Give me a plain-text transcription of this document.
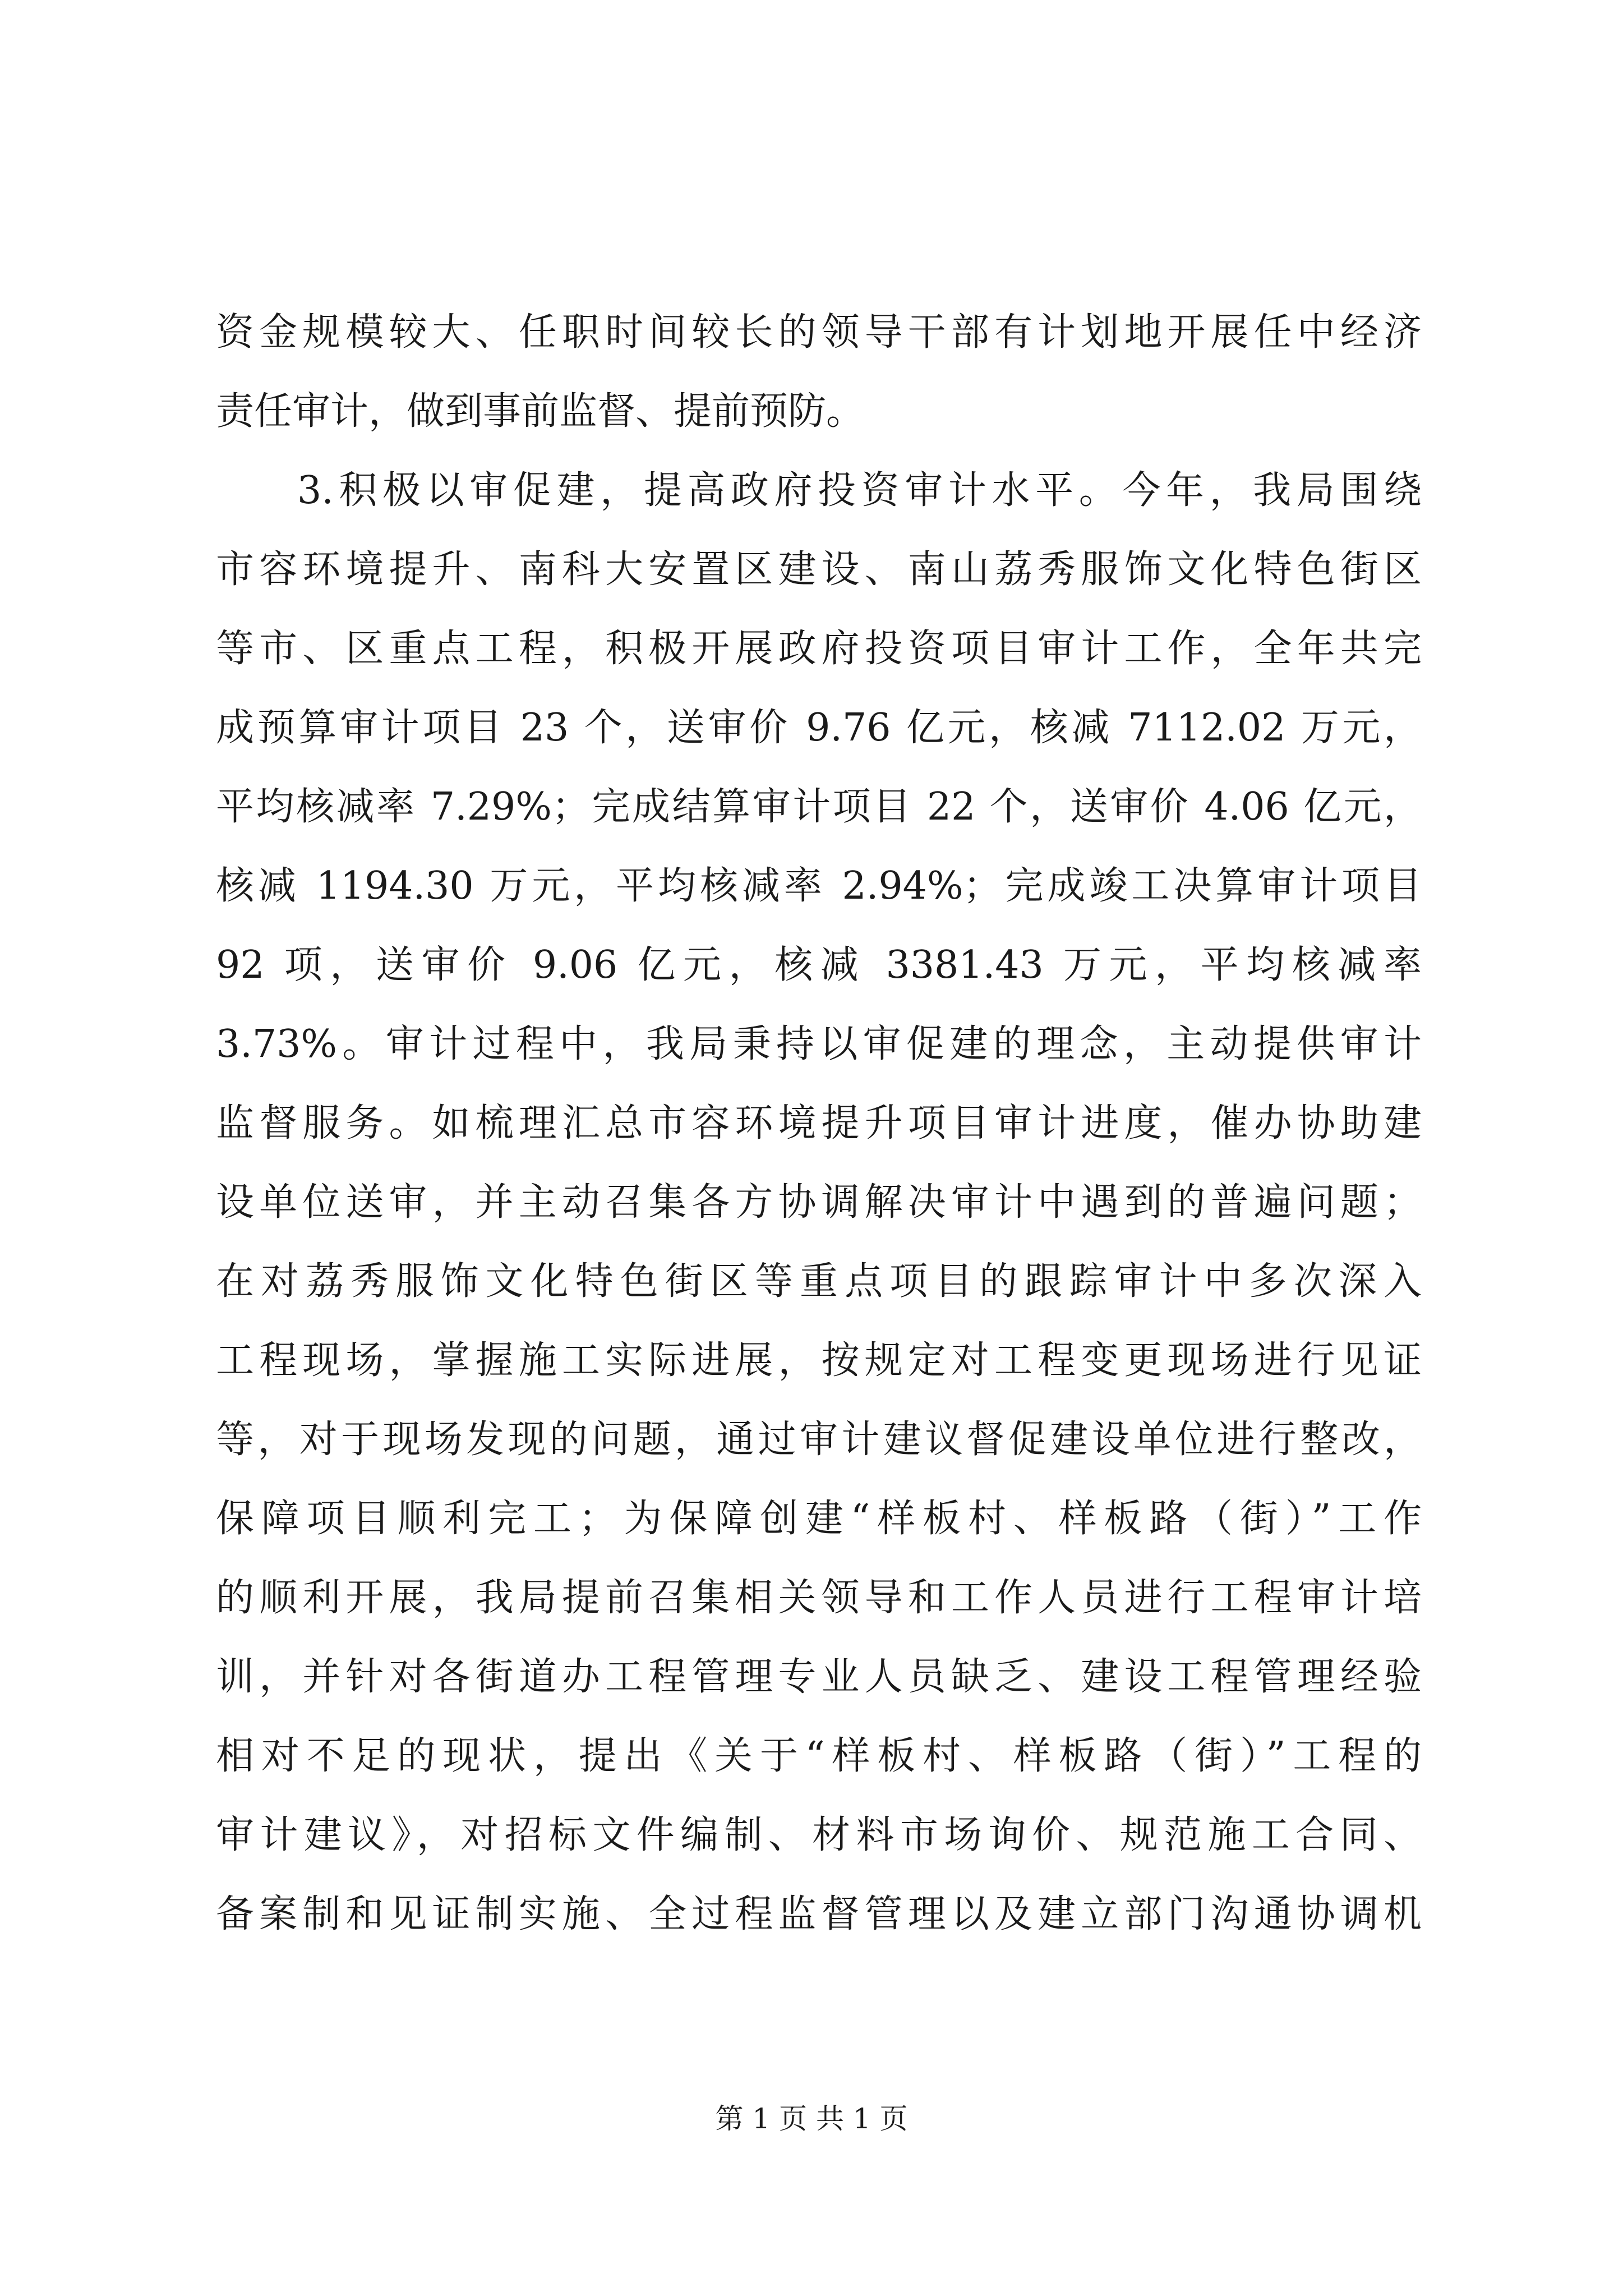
资金规模较大、任职时间较长的领导干部有计划地开展任中经济
责任审计，做到事前监督、提前预防。
3.积极以审促建，提高政府投资审计水平。今年，我局围绕
市容环境提升、南科大安置区建设、南山荔秀服饰文化特色街区
等市、区重点工程，积极开展政府投资项目审计工作，全年共完
成预算审计项目 23 个，送审价 9.76 亿元，核减 7112.02 万元，
平均核减率 7.29%；完成结算审计项目 22 个，送审价 4.06 亿元，
核减 1194.30 万元，平均核减率 2.94%；完成竣工决算审计项目
92 项，送审价 9.06 亿元，核减 3381.43 万元，平均核减率
3.73%。审计过程中，我局秉持以审促建的理念，主动提供审计
监督服务。如梳理汇总市容环境提升项目审计进度，催办协助建
设单位送审，并主动召集各方协调解决审计中遇到的普遍问题；
在对荔秀服饰文化特色街区等重点项目的跟踪审计中多次深入
工程现场，掌握施工实际进展，按规定对工程变更现场进行见证
等，对于现场发现的问题，通过审计建议督促建设单位进行整改，
保障项目顺利完工；为保障创建“样板村、样板路（街）”工作
的顺利开展，我局提前召集相关领导和工作人员进行工程审计培
训，并针对各街道办工程管理专业人员缺乏、建设工程管理经验
相对不足的现状，提出《关于“样板村、样板路（街）”工程的
审计建议》，对招标文件编制、材料市场询价、规范施工合同、
备案制和见证制实施、全过程监督管理以及建立部门沟通协调机
第 1 页 共 1 页
